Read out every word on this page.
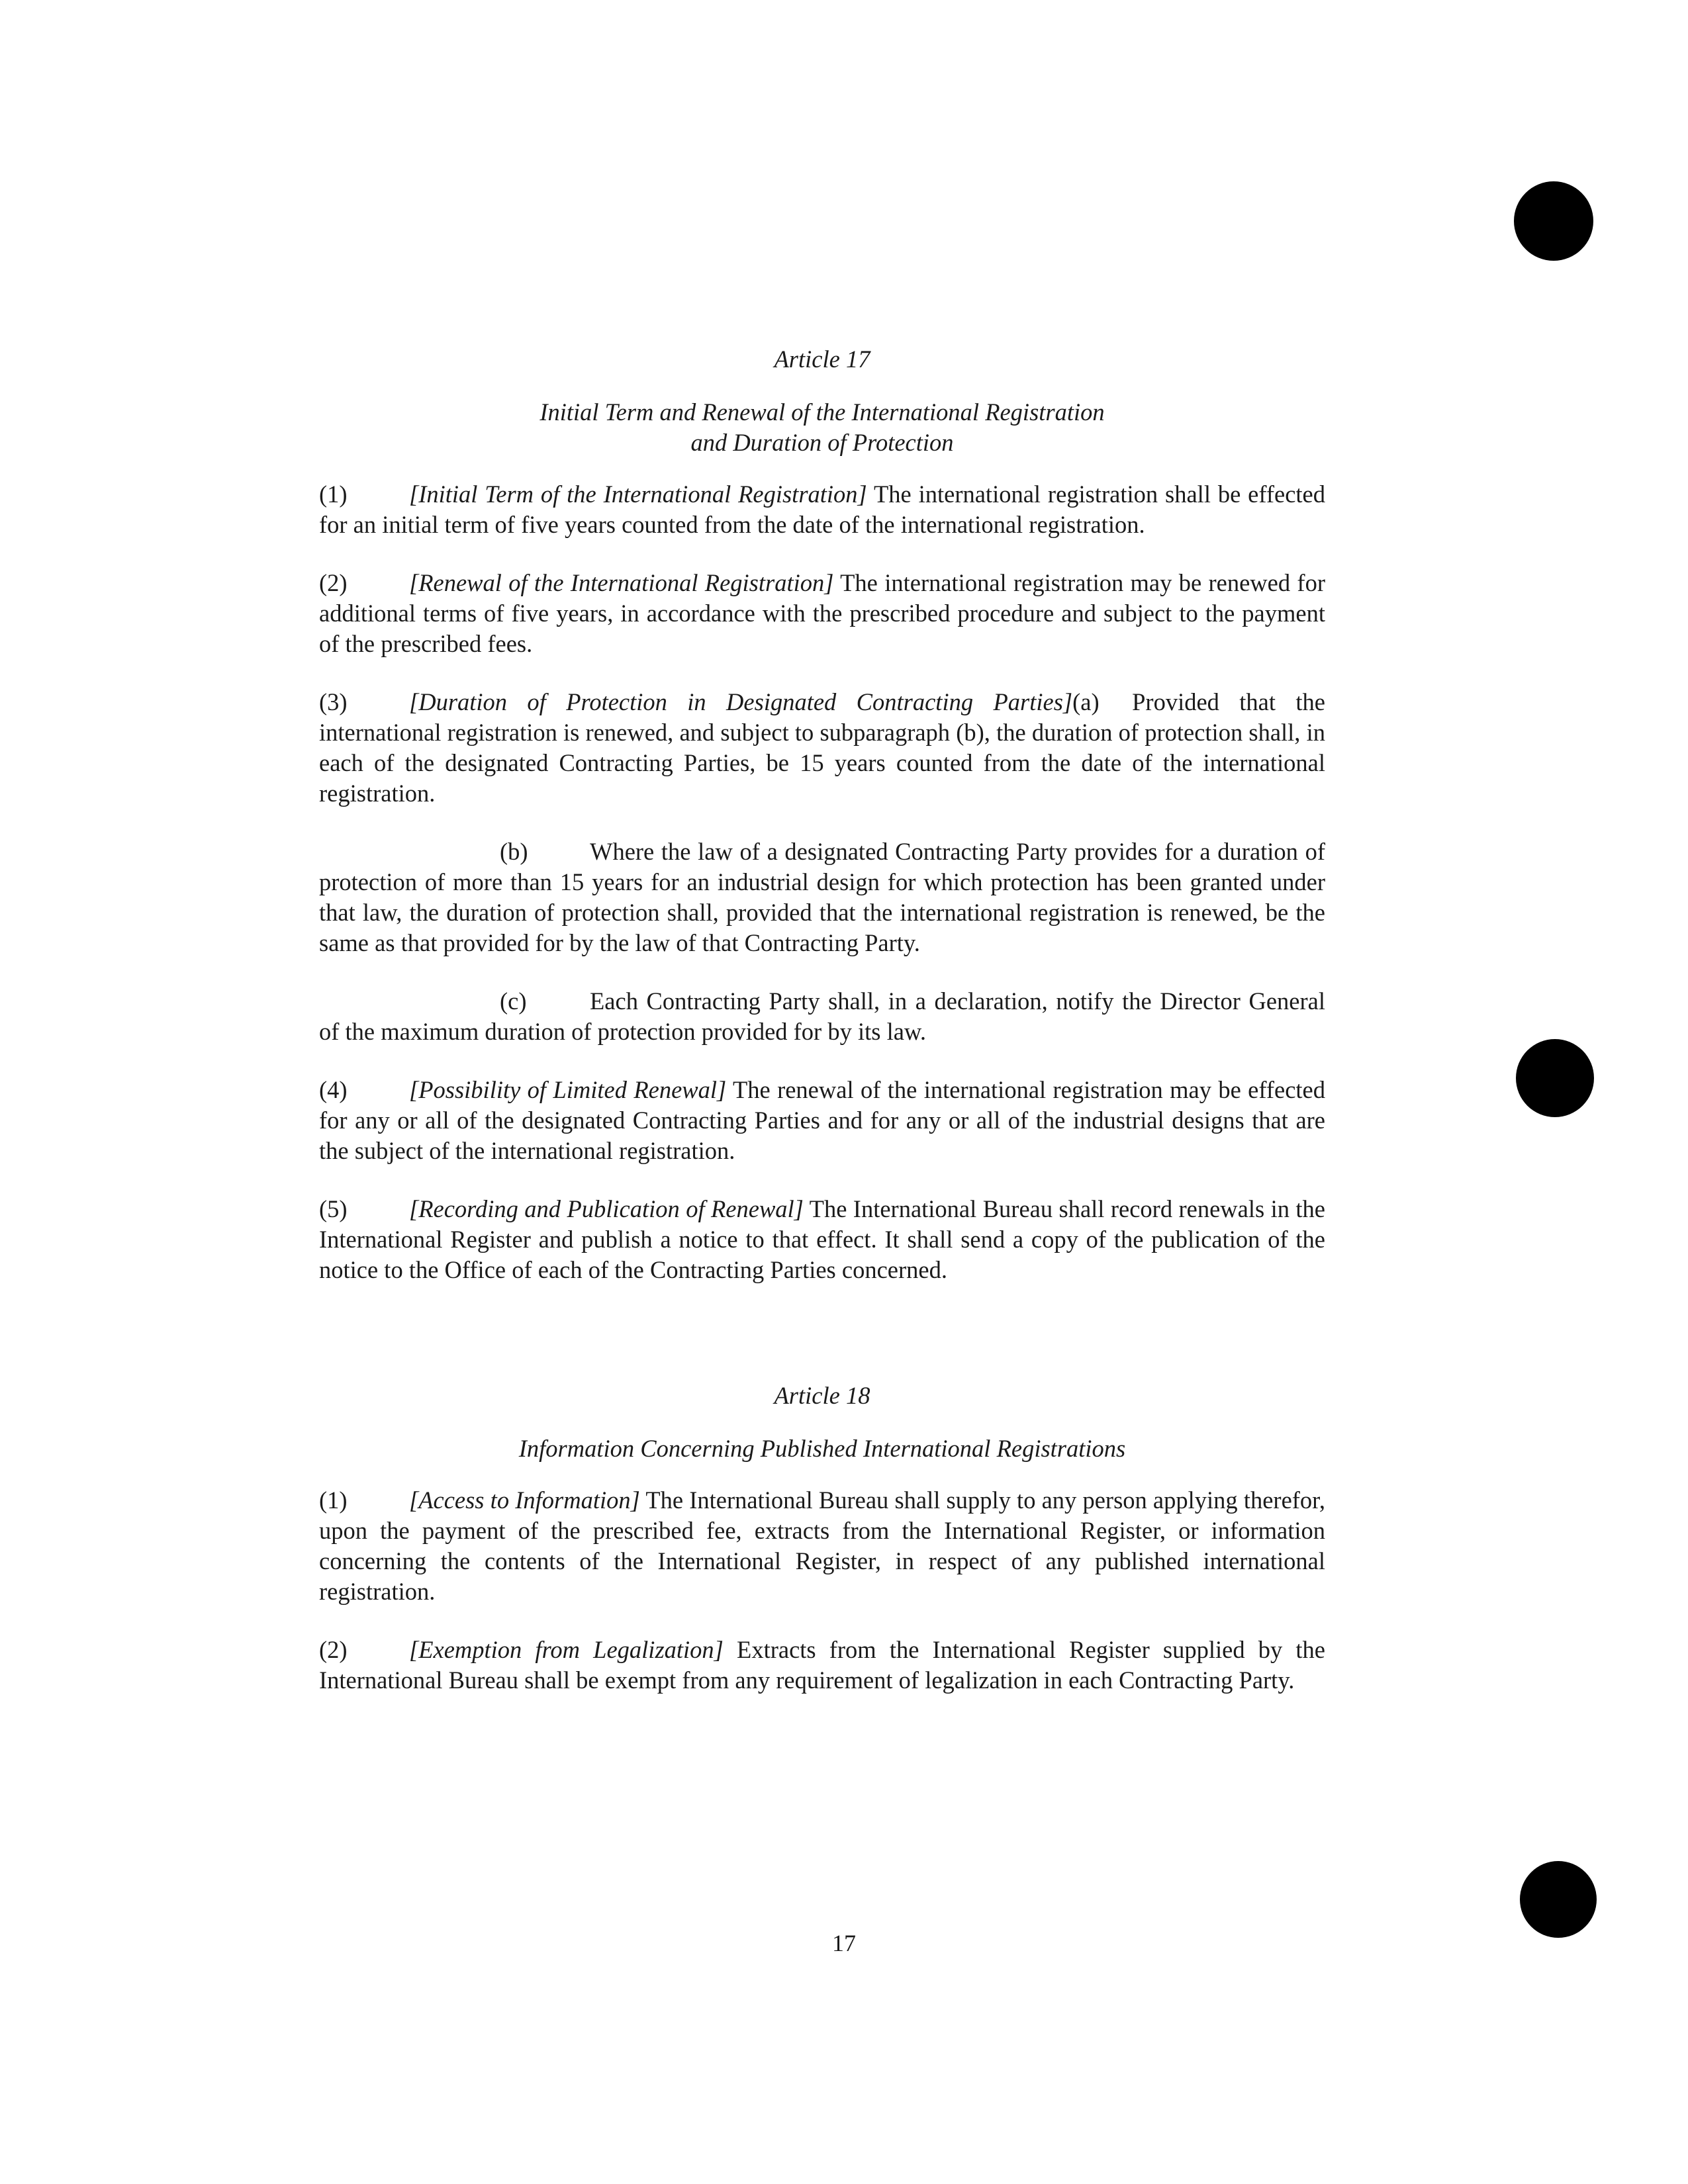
Article 17
Initial Term and Renewal of the International Registration
and Duration of Protection

(1)	[Initial Term of the International Registration] The international registration shall be effected for an initial term of five years counted from the date of the international registration.

(2)	[Renewal of the International Registration] The international registration may be renewed for additional terms of five years, in accordance with the prescribed procedure and subject to the payment of the prescribed fees.

(3)	[Duration of Protection in Designated Contracting Parties](a) Provided that the international registration is renewed, and subject to subparagraph (b), the duration of protection shall, in each of the designated Contracting Parties, be 15 years counted from the date of the international registration.

(b)	Where the law of a designated Contracting Party provides for a duration of protection of more than 15 years for an industrial design for which protection has been granted under that law, the duration of protection shall, provided that the international registration is renewed, be the same as that provided for by the law of that Contracting Party.

(c)	Each Contracting Party shall, in a declaration, notify the Director General of the maximum duration of protection provided for by its law.

(4)	[Possibility of Limited Renewal] The renewal of the international registration may be effected for any or all of the designated Contracting Parties and for any or all of the industrial designs that are the subject of the international registration.

(5)	[Recording and Publication of Renewal] The International Bureau shall record renewals in the International Register and publish a notice to that effect. It shall send a copy of the publication of the notice to the Office of each of the Contracting Parties concerned.

Article 18
Information Concerning Published International Registrations

(1)	[Access to Information] The International Bureau shall supply to any person applying therefor, upon the payment of the prescribed fee, extracts from the International Register, or information concerning the contents of the International Register, in respect of any published international registration.

(2)	[Exemption from Legalization] Extracts from the International Register supplied by the International Bureau shall be exempt from any requirement of legalization in each Contracting Party.

17
